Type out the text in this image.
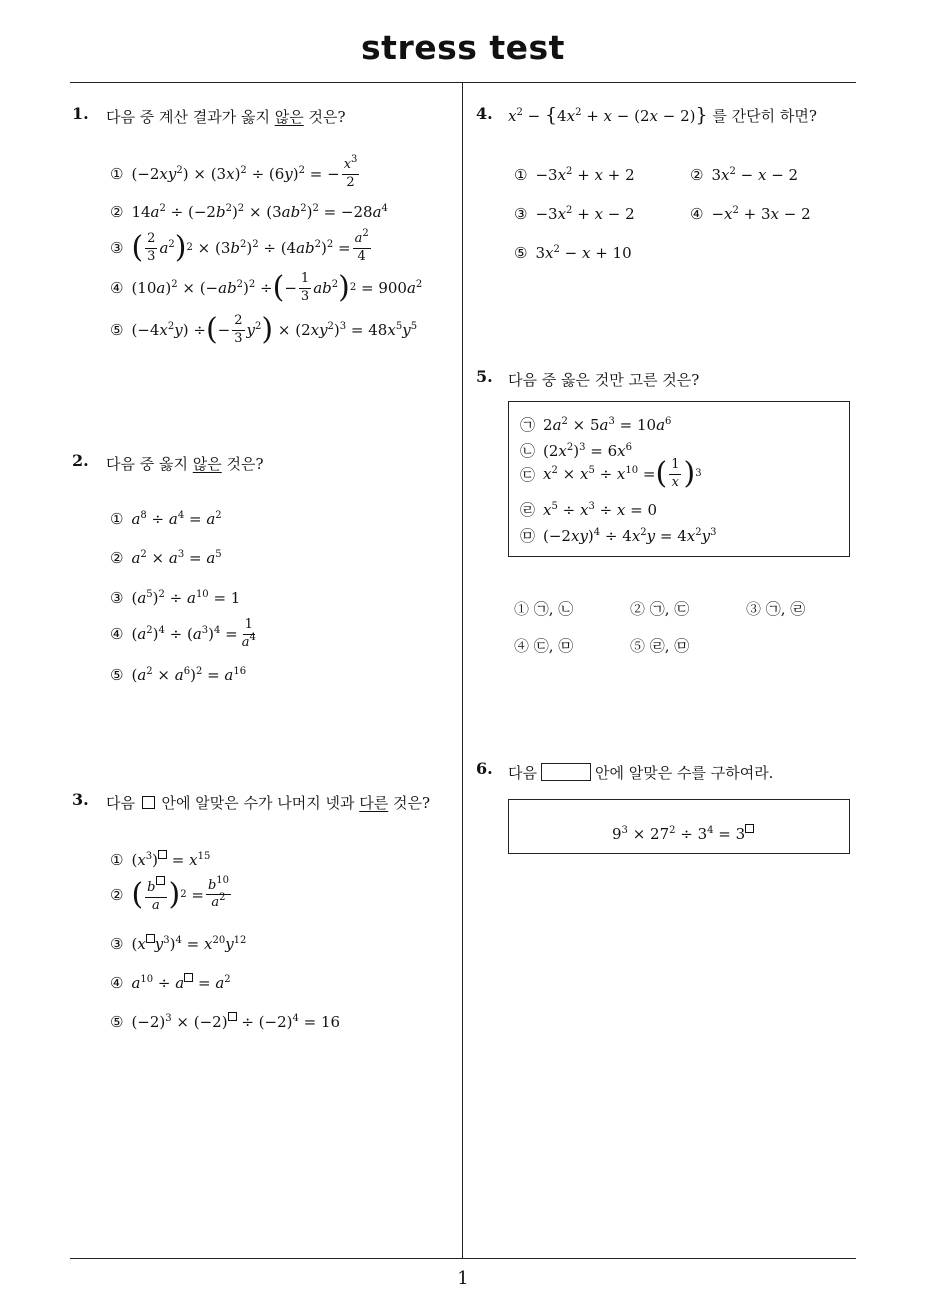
stress test
1
1. 다음 중 계산 결과가 옳지 않은 것은?
① $(-2xy^2) \times (3x)^2 \div (6y)^2$ = − $\frac{x^3}{2}$
② $14a^2 \div (-2b^2)^2 \times (3ab^2)^2 = -28a^4$
③ ( $\frac{2}{3} a^2$ ) $2 \times (3b^2)^2 \div (4ab^2)^2 = \frac{a^2}{4}$
④ $(10a)^2 \times (-ab^2)^2$ ÷ ( − $\frac{1}{3} ab^2$ ) $2 = 900a^2$
⑤ $(-4x^2y)$ ÷ ( − $\frac{2}{3} y^2$ ) × $(2xy^2)^3 = 48x^5y^5$
2. 다음 중 옳지 않은 것은?
① $a^8 \div a^4 = a^2$
② $a^2 \times a^3 = a^5$
③ $(a^5)^2 \div a^{10} = 1$
④ $(a^2)^4 \div (a^3)^4 = \frac{1}{a^4}$
⑤ $(a^2 \times a^6)^2 = a^{16}$
3. 다음  안에 알맞은 수가 나머지 넷과 다른 것은?
① $(x^3) = x^{15}$
② ( $\frac{b}{a}$ ) $2 = \frac{b^{10}}{a^2}$
③ (x $y^3)^4 = x^{20}y^{12}$
④ $a^{10} \div a = a^2$
⑤ $(-2)^3 \times (-2) \div (-2)^4 = 16$
4. $x^2 - \{4x^2 + x - (2x - 2)\}$ 를 간단히 하면?
① $-3x^2 + x + 2$	② $3x^2 - x - 2$
③ $-3x^2 + x - 2$	④ $-x^2 + 3x - 2$
⑤ $3x^2 - x + 10$
5. 다음 중 옳은 것만 고른 것은?
㉠ $2a^2 \times 5a^3 = 10a^6$
㉡ $(2x^2)^3 = 6x^6$
㉢ $x^2 \times x^5 \div x^{10}$ = ( $\frac{1}{x}$ ) 3
㉣ $x^5 \div x^3 \div x = 0$
㉤ $(-2xy)^4 \div 4x^2y = 4x^2y^3$
① ㉠, ㉡	② ㉠, ㉢	③ ㉠, ㉣
④ ㉢, ㉤	⑤ ㉣, ㉤
6. 다음	안에 알맞은 수를 구하여라.
$9^3 \times 27^2 \div 3^4 = 3$
